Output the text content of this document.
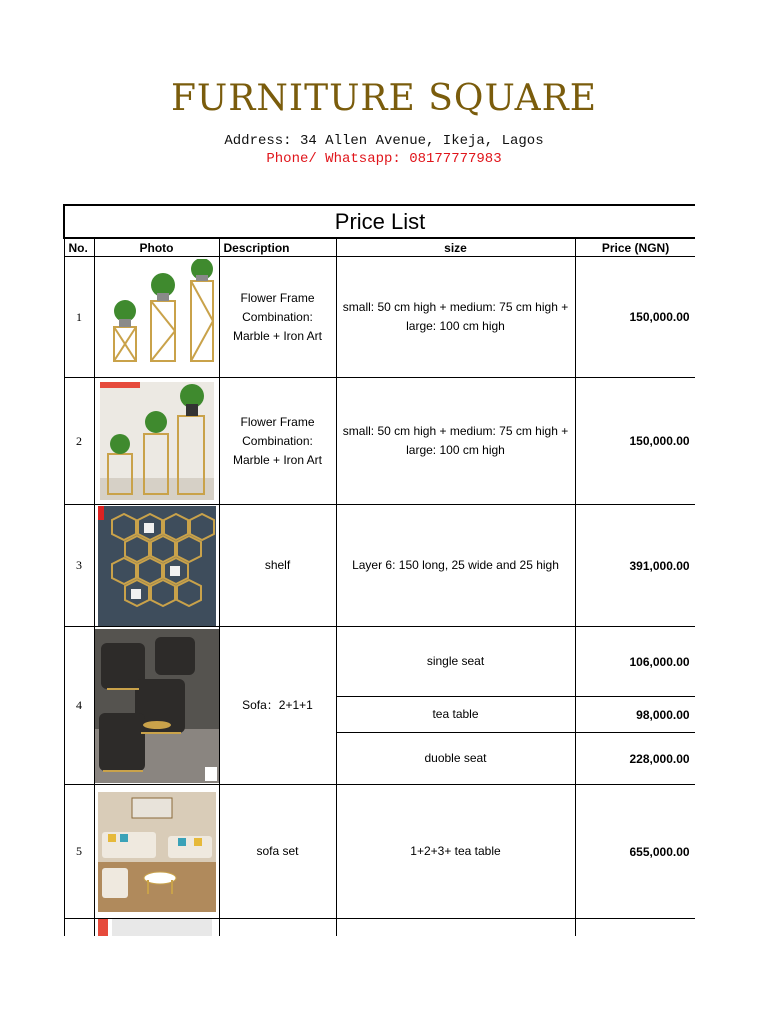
FURNITURE SQUARE
Address: 34 Allen Avenue, Ikeja, Lagos
Phone/ Whatsapp: 08177777983
Price List				
No.	Photo	Description	size	Price (NGN)
1		Flower Frame Combination: Marble + Iron Art	small: 50 cm high + medium: 75 cm high + large: 100 cm high	150,000.00
2		Flower Frame Combination: Marble + Iron Art	small: 50 cm high + medium: 75 cm high + large: 100 cm high	150,000.00
3		shelf	Layer 6: 150 long, 25 wide and 25 high	391,000.00
4		Sofa：2+1+1	single seat	106,000.00
			tea table	98,000.00
			duoble seat	228,000.00
5		sofa set	1+2+3+ tea table	655,000.00
